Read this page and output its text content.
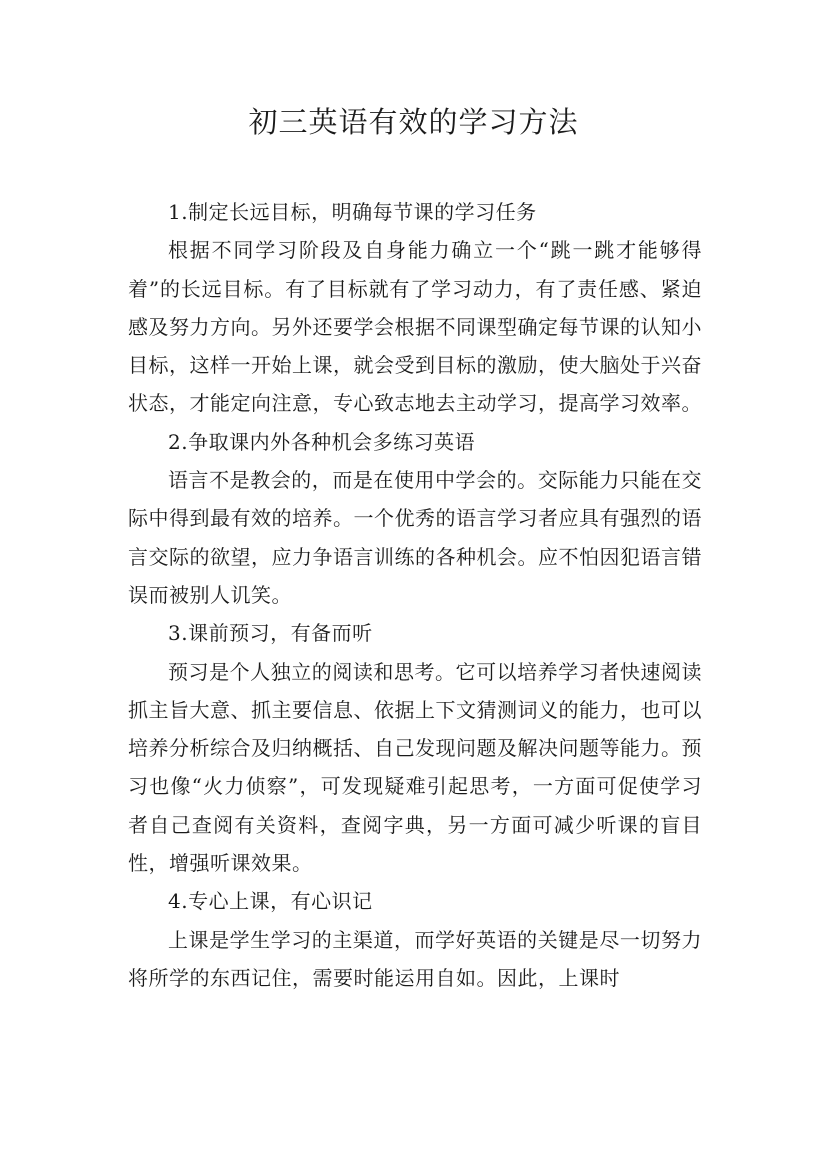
初三英语有效的学习方法

1.制定长远目标，明确每节课的学习任务

根据不同学习阶段及自身能力确立一个“跳一跳才能够得着”的长远目标。有了目标就有了学习动力，有了责任感、紧迫感及努力方向。另外还要学会根据不同课型确定每节课的认知小目标，这样一开始上课，就会受到目标的激励，使大脑处于兴奋状态，才能定向注意，专心致志地去主动学习，提高学习效率。

2.争取课内外各种机会多练习英语

语言不是教会的，而是在使用中学会的。交际能力只能在交际中得到最有效的培养。一个优秀的语言学习者应具有强烈的语言交际的欲望，应力争语言训练的各种机会。应不怕因犯语言错误而被别人讥笑。

3.课前预习，有备而听

预习是个人独立的阅读和思考。它可以培养学习者快速阅读抓主旨大意、抓主要信息、依据上下文猜测词义的能力，也可以培养分析综合及归纳概括、自己发现问题及解决问题等能力。预习也像“火力侦察”，可发现疑难引起思考，一方面可促使学习者自己查阅有关资料，查阅字典，另一方面可减少听课的盲目性，增强听课效果。

4.专心上课，有心识记

上课是学生学习的主渠道，而学好英语的关键是尽一切努力将所学的东西记住，需要时能运用自如。因此，上课时
